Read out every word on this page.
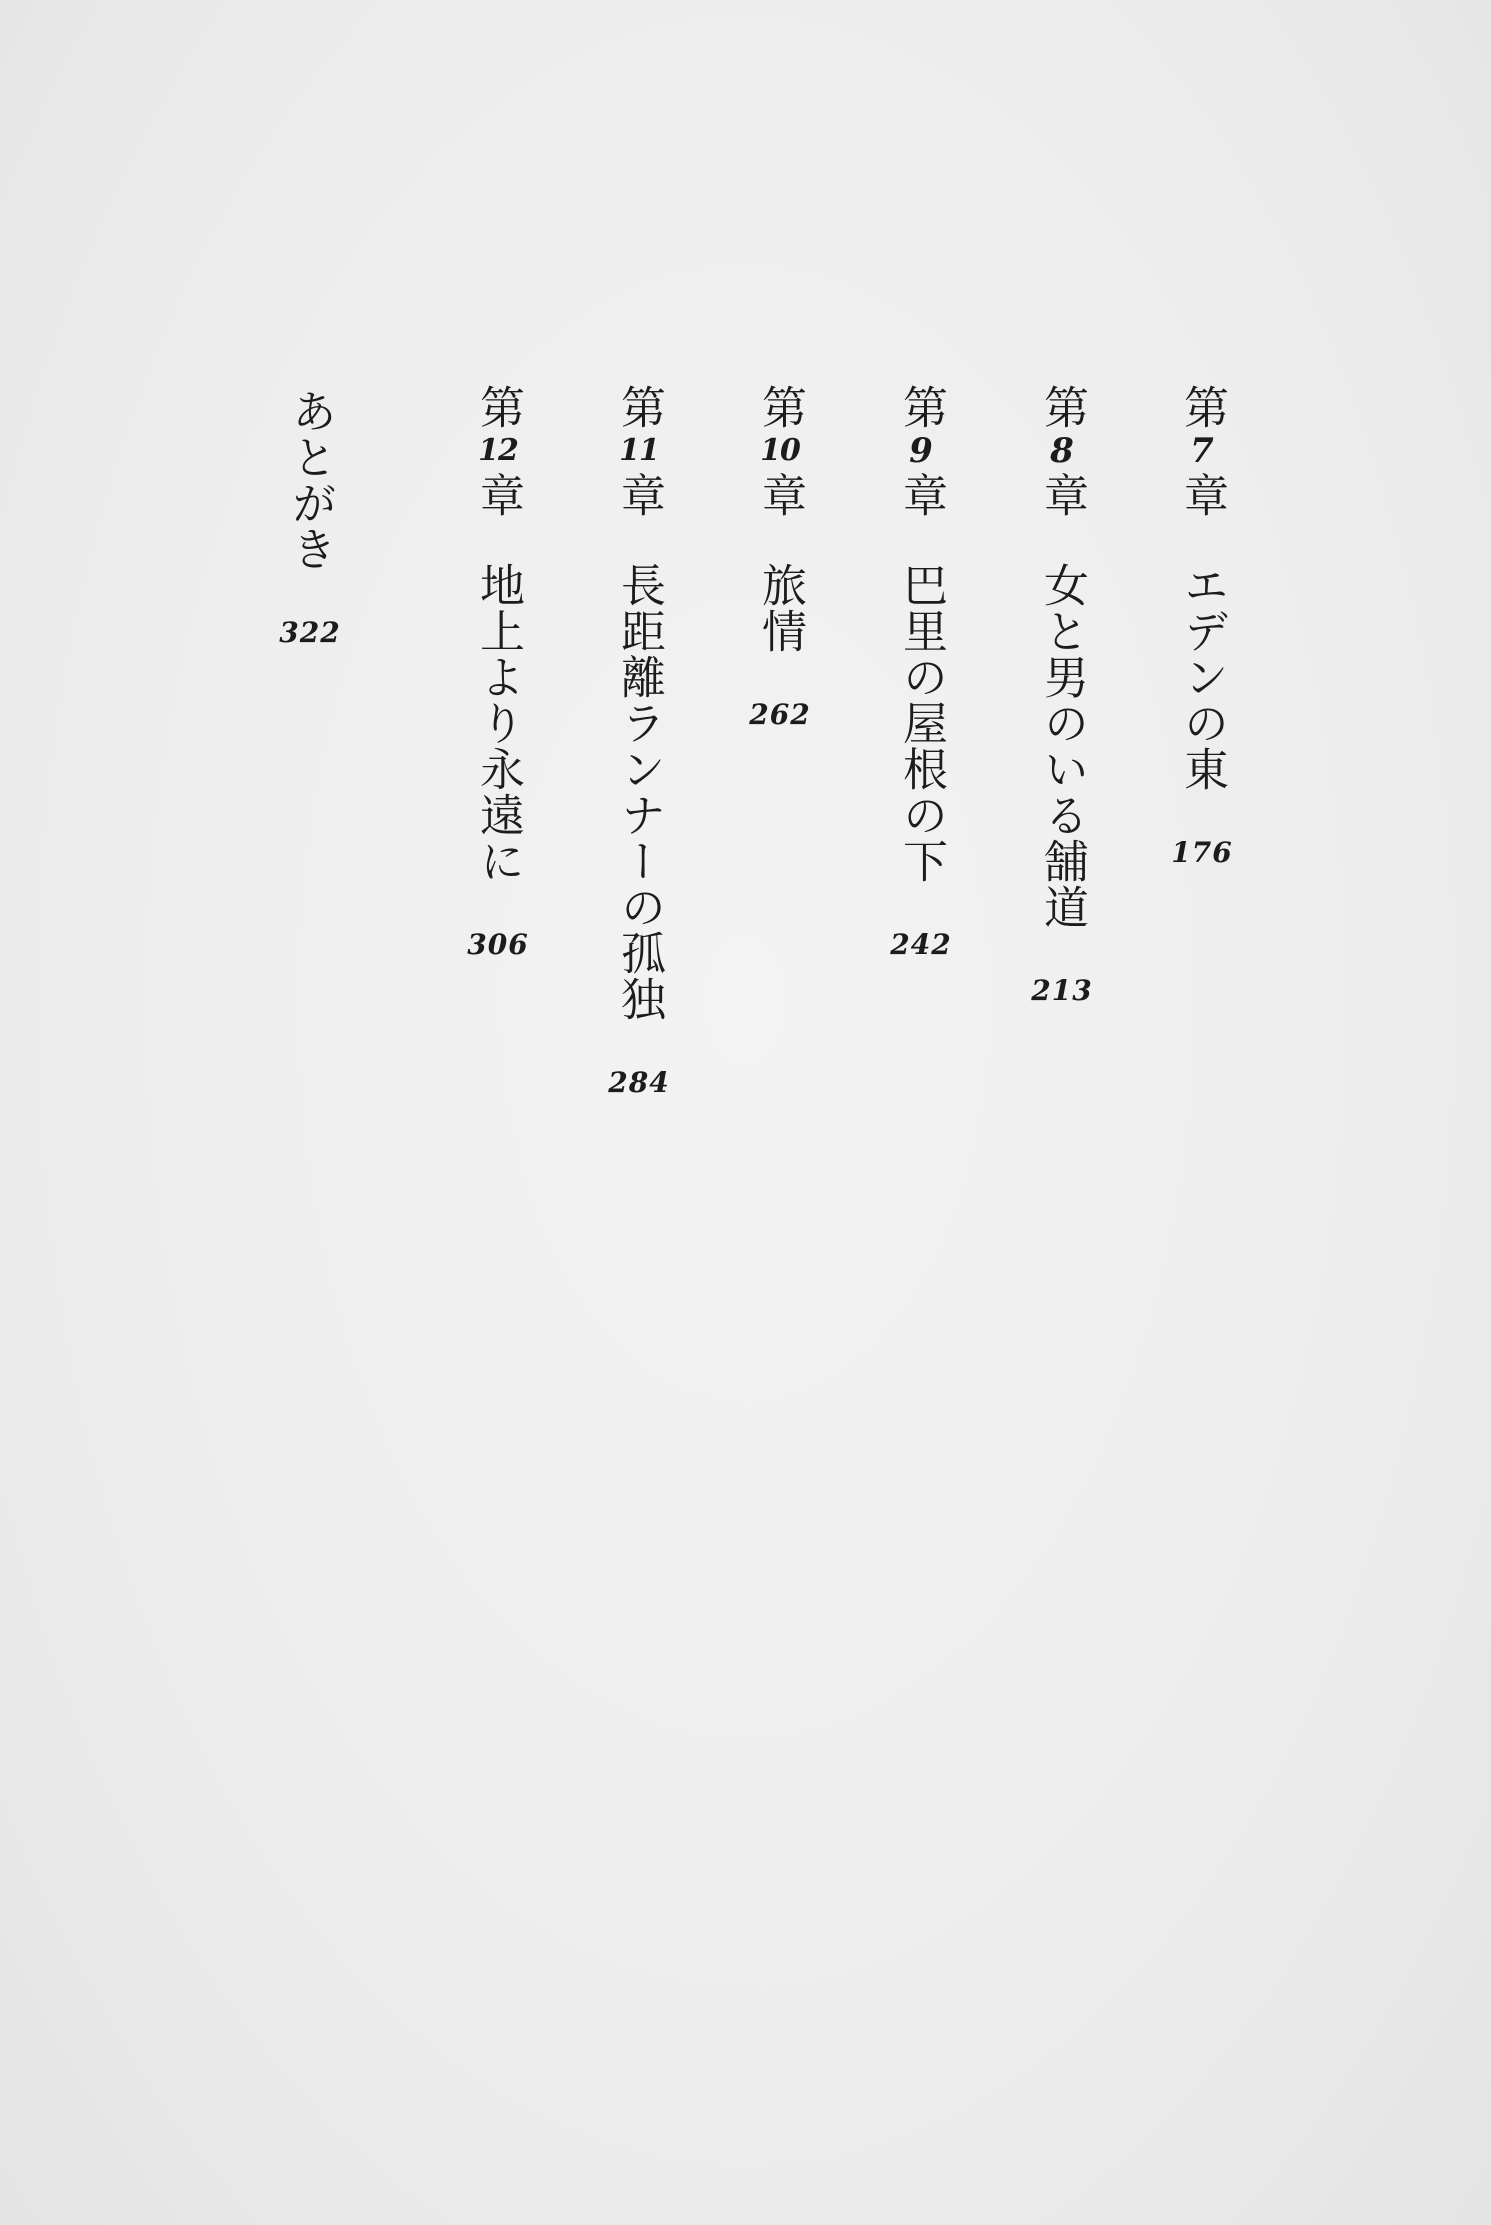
第
7
章
エデンの東
176
第
8
章
女と男のいる舗道
213
第
9
章
巴里の屋根の下
242
第
10
章
旅情
262
第
11
章
長距離ランナーの孤独
284
第
12
章
地上より永遠に
306
あとがき
322
